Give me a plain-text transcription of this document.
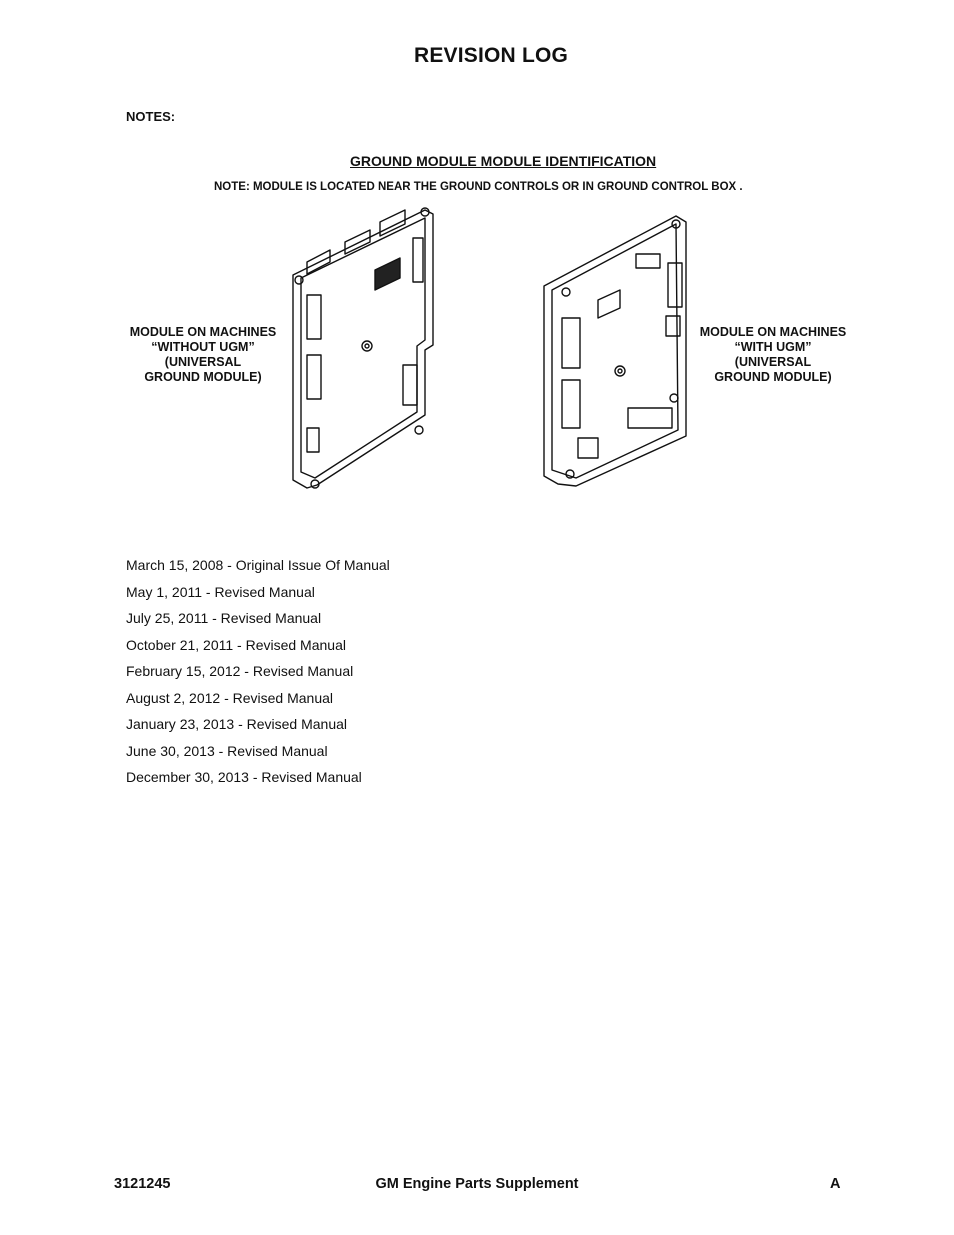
REVISION LOG
NOTES:
GROUND MODULE MODULE IDENTIFICATION
NOTE: MODULE IS LOCATED NEAR THE GROUND CONTROLS OR IN GROUND CONTROL BOX .
MODULE ON MACHINES
“WITHOUT UGM”
(UNIVERSAL
GROUND MODULE)
MODULE ON MACHINES
“WITH UGM”
(UNIVERSAL
GROUND MODULE)
March 15, 2008 - Original Issue Of Manual
May 1, 2011 - Revised Manual
July 25, 2011 - Revised Manual
October 21, 2011 - Revised Manual
February 15, 2012 - Revised Manual
August 2, 2012 - Revised Manual
January 23, 2013 - Revised Manual
June 30, 2013 - Revised Manual
December 30, 2013 - Revised Manual
3121245	GM Engine Parts Supplement	A
